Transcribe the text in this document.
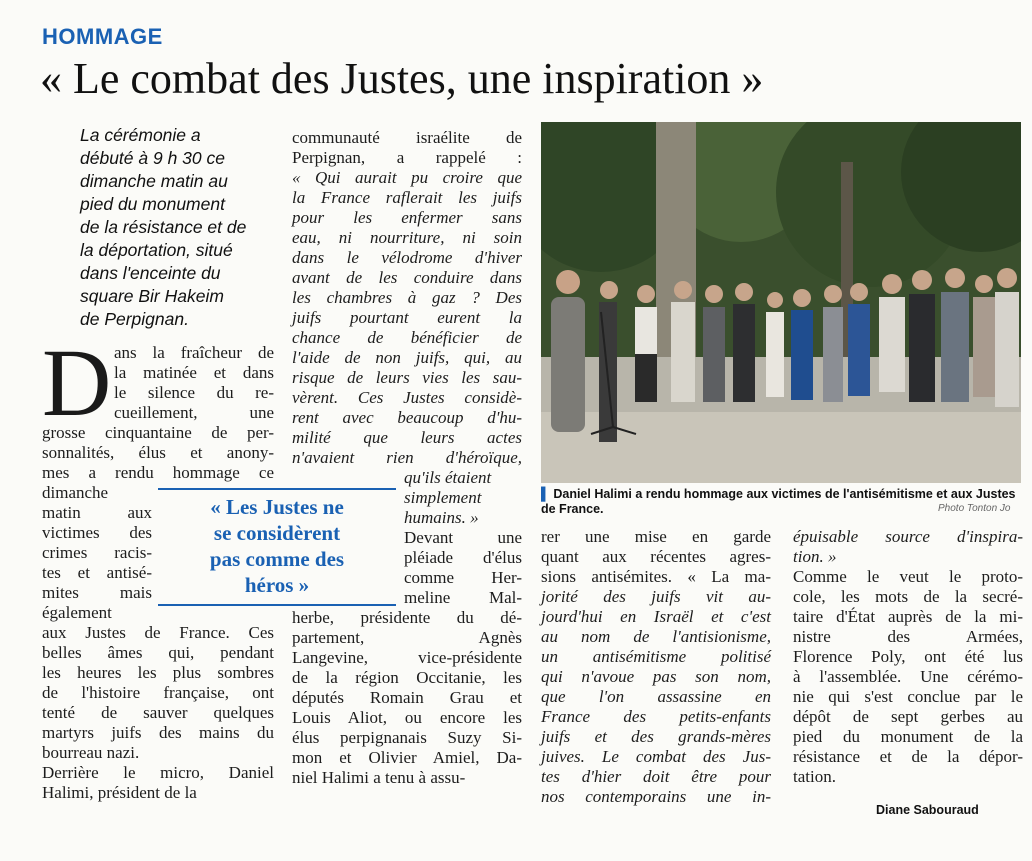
HOMMAGE
« Le combat des Justes, une inspiration »
La cérémonie a
débuté à 9 h 30 ce
dimanche matin au
pied du monument
de la résistance et de
la déportation, situé
dans l'enceinte du
square Bir Hakeim
de Perpignan.
D ans la fraîcheur de
la matinée et dans
le silence du re-
cueillement, une
grosse cinquantaine de per-
sonnalités, élus et anony-
mes a rendu hommage ce
dimanche
matin aux
victimes des
crimes racis-
tes et antisé-
mites mais
également
aux Justes de France. Ces
belles âmes qui, pendant
les heures les plus sombres
de l'histoire française, ont
tenté de sauver quelques
martyrs juifs des mains du
bourreau nazi.
Derrière le micro, Daniel
Halimi, président de la
communauté israélite de
Perpignan, a rappelé :
« Qui aurait pu croire que
la France raflerait les juifs
pour les enfermer sans
eau, ni nourriture, ni soin
dans le vélodrome d'hiver
avant de les conduire dans
les chambres à gaz ? Des
juifs pourtant eurent la
chance de bénéficier de
l'aide de non juifs, qui, au
risque de leurs vies les sau-
vèrent. Ces Justes considè-
rent avec beaucoup d'hu-
milité que leurs actes
n'avaient rien d'héroïque,
qu'ils étaient
simplement
humains. »
Devant une
pléiade d'élus
comme Her-
meline Mal-
herbe, présidente du dé-
partement, Agnès
Langevine, vice-présidente
de la région Occitanie, les
députés Romain Grau et
Louis Aliot, ou encore les
élus perpignanais Suzy Si-
mon et Olivier Amiel, Da-
niel Halimi a tenu à assu-
« Les Justes ne
se considèrent
pas comme des
héros »
▌ Daniel Halimi a rendu hommage aux victimes de l'antisémitisme et aux Justes de France.	Photo Tonton Jo
rer une mise en garde
quant aux récentes agres-
sions antisémites. « La ma-
jorité des juifs vit au-
jourd'hui en Israël et c'est
au nom de l'antisionisme,
un antisémitisme politisé
qui n'avoue pas son nom,
que l'on assassine en
France des petits-enfants
juifs et des grands-mères
juives. Le combat des Jus-
tes d'hier doit être pour
nos contemporains une in-
épuisable source d'inspira-
tion. »
Comme le veut le proto-
cole, les mots de la secré-
taire d'État auprès de la mi-
nistre des Armées,
Florence Poly, ont été lus
à l'assemblée. Une cérémo-
nie qui s'est conclue par le
dépôt de sept gerbes au
pied du monument de la
résistance et de la dépor-
tation.
Diane Sabouraud
